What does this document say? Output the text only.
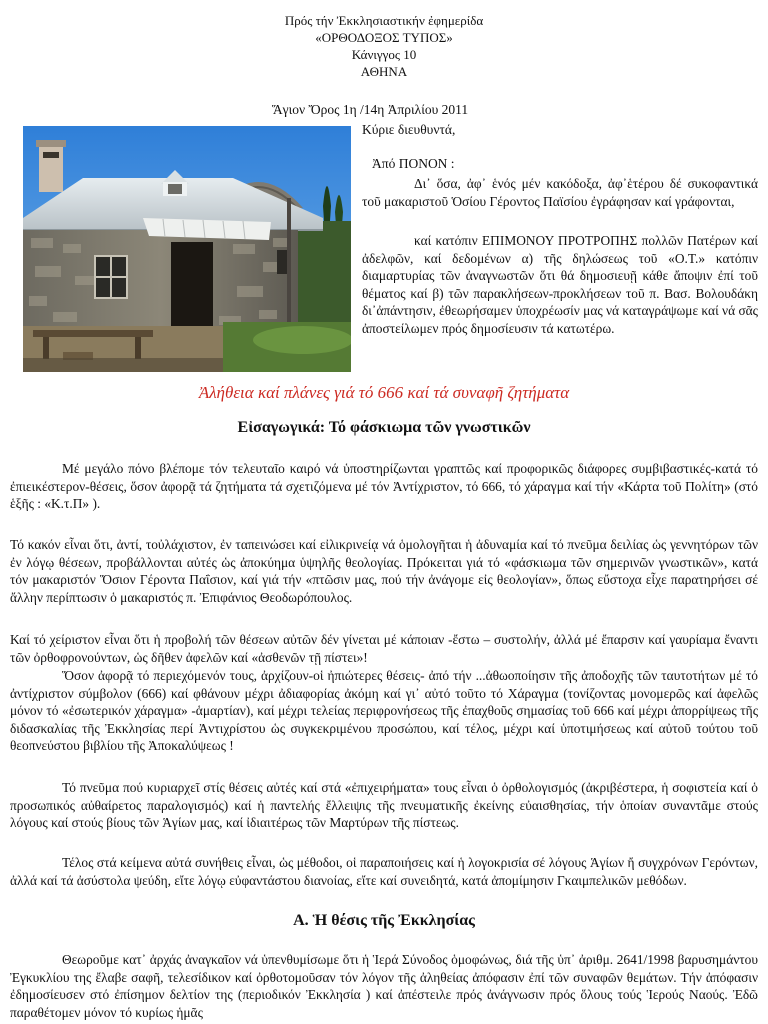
Πρός τήν Ἐκκλησιαστικήν ἐφημερίδα
«ΟΡΘΟΔΟΞΟΣ ΤΥΠΟΣ»
Κάνιγγος 10
ΑΘΗΝΑ
Ἅγιον Ὄρος 1η /14η Ἀπριλίου 2011
Κύριε διευθυντά,
Ἀπό ΠΟΝΟΝ :
Δι᾽ ὅσα, ἀφ᾽ ἑνός μέν κακόδοξα, ἀφ᾽ἑτέρου δέ συκοφαντικά τοῦ μακαριστοῦ Ὁσίου Γέροντος Παϊσίου ἐγράφησαν καί γράφονται,
καί κατόπιν ΕΠΙΜΟΝΟΥ ΠΡΟΤΡΟΠΗΣ πολλῶν Πατέρων καί ἀδελφῶν, καί δεδομένων α) τῆς δηλώσεως τοῦ «Ο.Τ.» κατόπιν διαμαρτυρίας τῶν ἀναγνωστῶν ὅτι θά δημοσιευῇ κάθε ἄποψιν ἐπί τοῦ θέματος καί β) τῶν παρακλήσεων-προκλήσεων τοῦ π. Βασ. Βολουδάκη δι᾽ἀπάντησιν, ἐθεωρήσαμεν ὑποχρέωσίν μας νά καταγράψωμε καί νά σᾶς ἀποστείλωμεν πρός δημοσίευσιν τά κατωτέρω.
Ἀλήθεια καί πλάνες γιά τό 666 καί τά συναφῆ ζητήματα
Εἰσαγωγικά: Τό φάσκιωμα τῶν γνωστικῶν
Μέ μεγάλο πόνο βλέπομε τόν τελευταῖο καιρό νά ὑποστηρίζωνται γραπτῶς καί προφορικῶς διάφορες συμβιβαστικές-κατά τό ἐπιεικέστερον-θέσεις, ὅσον ἀφορᾷ τά ζητήματα τά σχετιζόμενα μέ τόν Ἀντίχριστον, τό 666, τό χάραγμα καί τήν «Κάρτα τοῦ Πολίτη» (στό ἑξῆς : «Κ.τ.Π» ).
Τό κακόν εἶναι ὅτι, ἀντί, τοὐλάχιστον, ἐν ταπεινώσει καί εἰλικρινείᾳ νά ὁμολογῆται ἡ ἀδυναμία καί τό πνεῦμα δειλίας ὡς γεννητόρων τῶν ἐν λόγῳ θέσεων, προβάλλονται αὐτές ὡς ἀποκύημα ὑψηλῆς θεολογίας. Πρόκειται γιά τό «φάσκιωμα τῶν σημερινῶν γνωστικῶν», κατά τόν μακαριστόν Ὅσιον Γέροντα Παΐσιον, καί γιά τήν «πτῶσιν μας, πού τήν ἀνάγομε εἰς θεολογίαν», ὅπως εὔστοχα εἶχε παρατηρήσει σέ ἄλλην περίπτωσιν ὁ μακαριστός π. Ἐπιφάνιος Θεοδωρόπουλος.
Καί τό χείριστον εἶναι ὅτι ἡ προβολή τῶν θέσεων αὐτῶν δέν γίνεται μέ κάποιαν -ἔστω – συστολήν, ἀλλά μέ ἔπαρσιν καί γαυρίαμα ἔναντι τῶν ὀρθοφρονούντων, ὡς δῆθεν ἀφελῶν καί «ἀσθενῶν τῇ πίστει»!
Ὅσον ἀφορᾷ τό περιεχόμενόν τους, ἀρχίζουν-οἱ ἠπιώτερες θέσεις- ἀπό τήν ...ἀθωοποίησιν τῆς ἀποδοχῆς τῶν ταυτοτήτων μέ τό ἀντίχριστον σύμβολον (666) καί φθάνουν μέχρι ἀδιαφορίας ἀκόμη καί γι᾽ αὐτό τοῦτο τό Χάραγμα (τονίζοντας μονομερῶς καί ἀφελῶς μόνον τό «ἐσωτερικόν χάραγμα» -ἁμαρτίαν), καί μέχρι τελείας περιφρονήσεως τῆς ἐπαχθοῦς σημασίας τοῦ 666 καί μέχρι ἀπορρίψεως τῆς διδασκαλίας τῆς Ἐκκλησίας περί Ἀντιχρίστου ὡς συγκεκριμένου προσώπου, καί τέλος, μέχρι καί ὑποτιμήσεως καί αὐτοῦ τούτου τοῦ θεοπνεύστου βιβλίου τῆς Ἀποκαλύψεως !
Τό πνεῦμα πού κυριαρχεῖ στίς θέσεις αὐτές καί στά «ἐπιχειρήματα» τους εἶναι ὁ ὀρθολογισμός (ἀκριβέστερα, ἡ σοφιστεία καί ὁ προσωπικός αὐθαίρετος παραλογισμός) καί ἡ παντελής ἔλλειψις τῆς πνευματικῆς ἐκείνης εὐαισθησίας, τήν ὁποίαν συναντᾶμε στούς λόγους καί στούς βίους τῶν Ἁγίων μας, καί ἰδιαιτέρως τῶν Μαρτύρων τῆς πίστεως.
Τέλος στά κείμενα αὐτά συνήθεις εἶναι, ὡς μέθοδοι, οἱ παραποιήσεις καί ἡ λογοκρισία σέ λόγους Ἁγίων ἤ συγχρόνων Γερόντων, ἀλλά καί τά ἀσύστολα ψεύδη, εἴτε λόγῳ εὐφαντάστου διανοίας, εἴτε καί συνειδητά, κατά ἀπομίμησιν Γκαιμπελικῶν μεθόδων.
Α. Ἡ θέσις τῆς Ἐκκλησίας
Θεωροῦμε κατ᾽ ἀρχάς ἀναγκαῖον νά ὑπενθυμίσωμε ὅτι ἡ Ἱερά Σύνοδος ὁμοφώνως, διά τῆς ὑπ᾽ ἀριθμ. 2641/1998 βαρυσημάντου Ἐγκυκλίου της ἔλαβε σαφῆ, τελεσίδικον καί ὀρθοτομοῦσαν τόν λόγον τῆς ἀληθείας ἀπόφασιν ἐπί τῶν συναφῶν θεμάτων. Τήν ἀπόφασιν ἐδημοσίευσεν στό ἐπίσημον δελτίον της (περιοδικόν Ἐκκλησία ) καί ἀπέστειλε πρός ἀνάγνωσιν πρός ὅλους τούς Ἱερούς Ναούς. Ἐδῶ παραθέτομεν μόνον τό κυρίως ἡμᾶς
